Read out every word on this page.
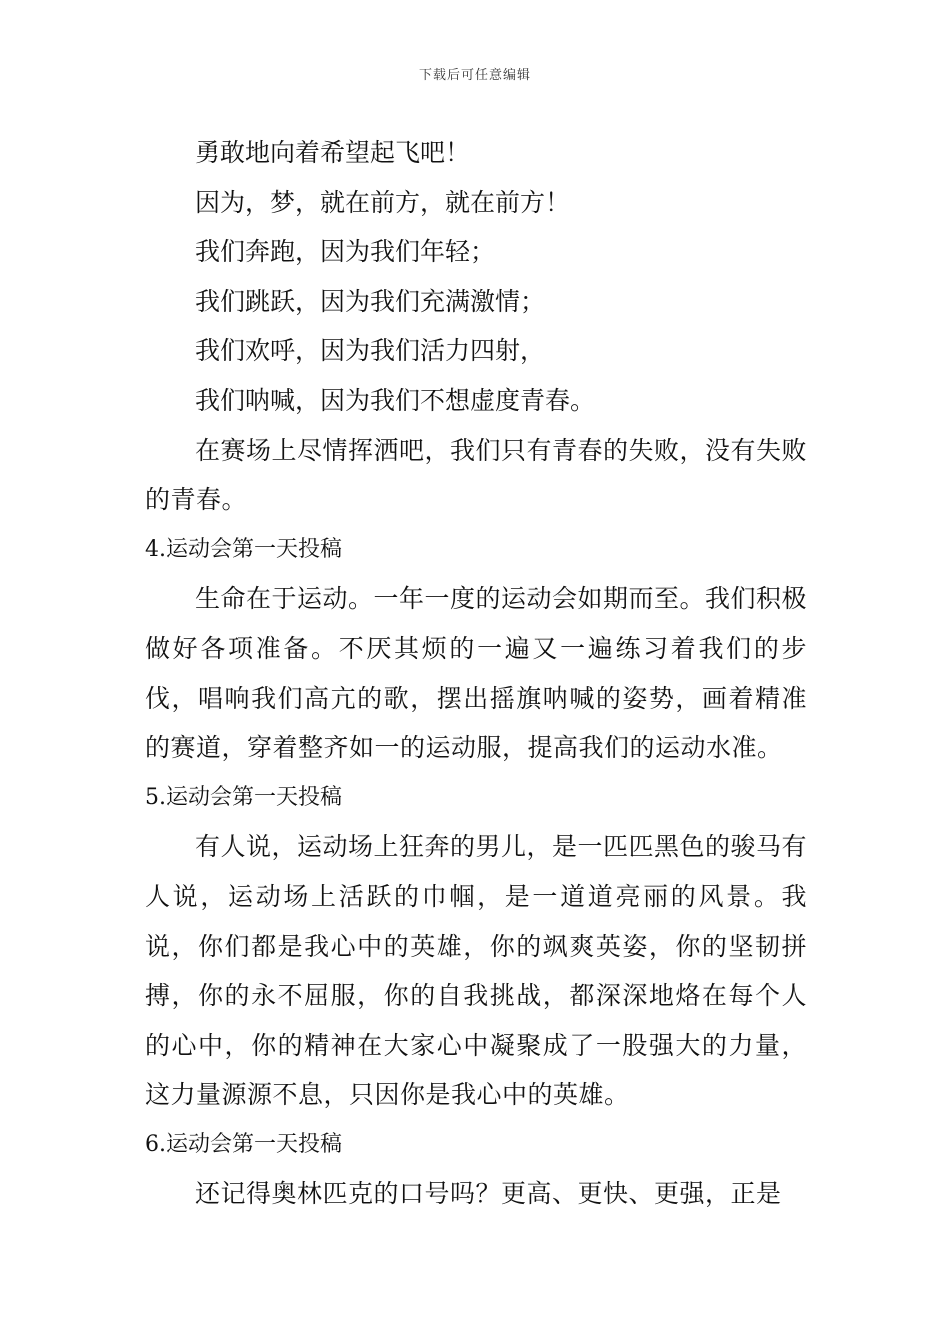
下载后可任意编辑

勇敢地向着希望起飞吧！

因为，梦，就在前方，就在前方！

我们奔跑，因为我们年轻；

我们跳跃，因为我们充满激情；

我们欢呼，因为我们活力四射，

我们呐喊，因为我们不想虚度青春。

在赛场上尽情挥洒吧，我们只有青春的失败，没有失败的青春。

4.运动会第一天投稿

生命在于运动。一年一度的运动会如期而至。我们积极做好各项准备。不厌其烦的一遍又一遍练习着我们的步伐，唱响我们高亢的歌，摆出摇旗呐喊的姿势，画着精准的赛道，穿着整齐如一的运动服，提高我们的运动水准。

5.运动会第一天投稿

有人说，运动场上狂奔的男儿，是一匹匹黑色的骏马有人说，运动场上活跃的巾帼，是一道道亮丽的风景。我说，你们都是我心中的英雄，你的飒爽英姿，你的坚韧拼搏，你的永不屈服，你的自我挑战，都深深地烙在每个人的心中，你的精神在大家心中凝聚成了一股强大的力量，这力量源源不息，只因你是我心中的英雄。

6.运动会第一天投稿

还记得奥林匹克的口号吗？更高、更快、更强，正是
